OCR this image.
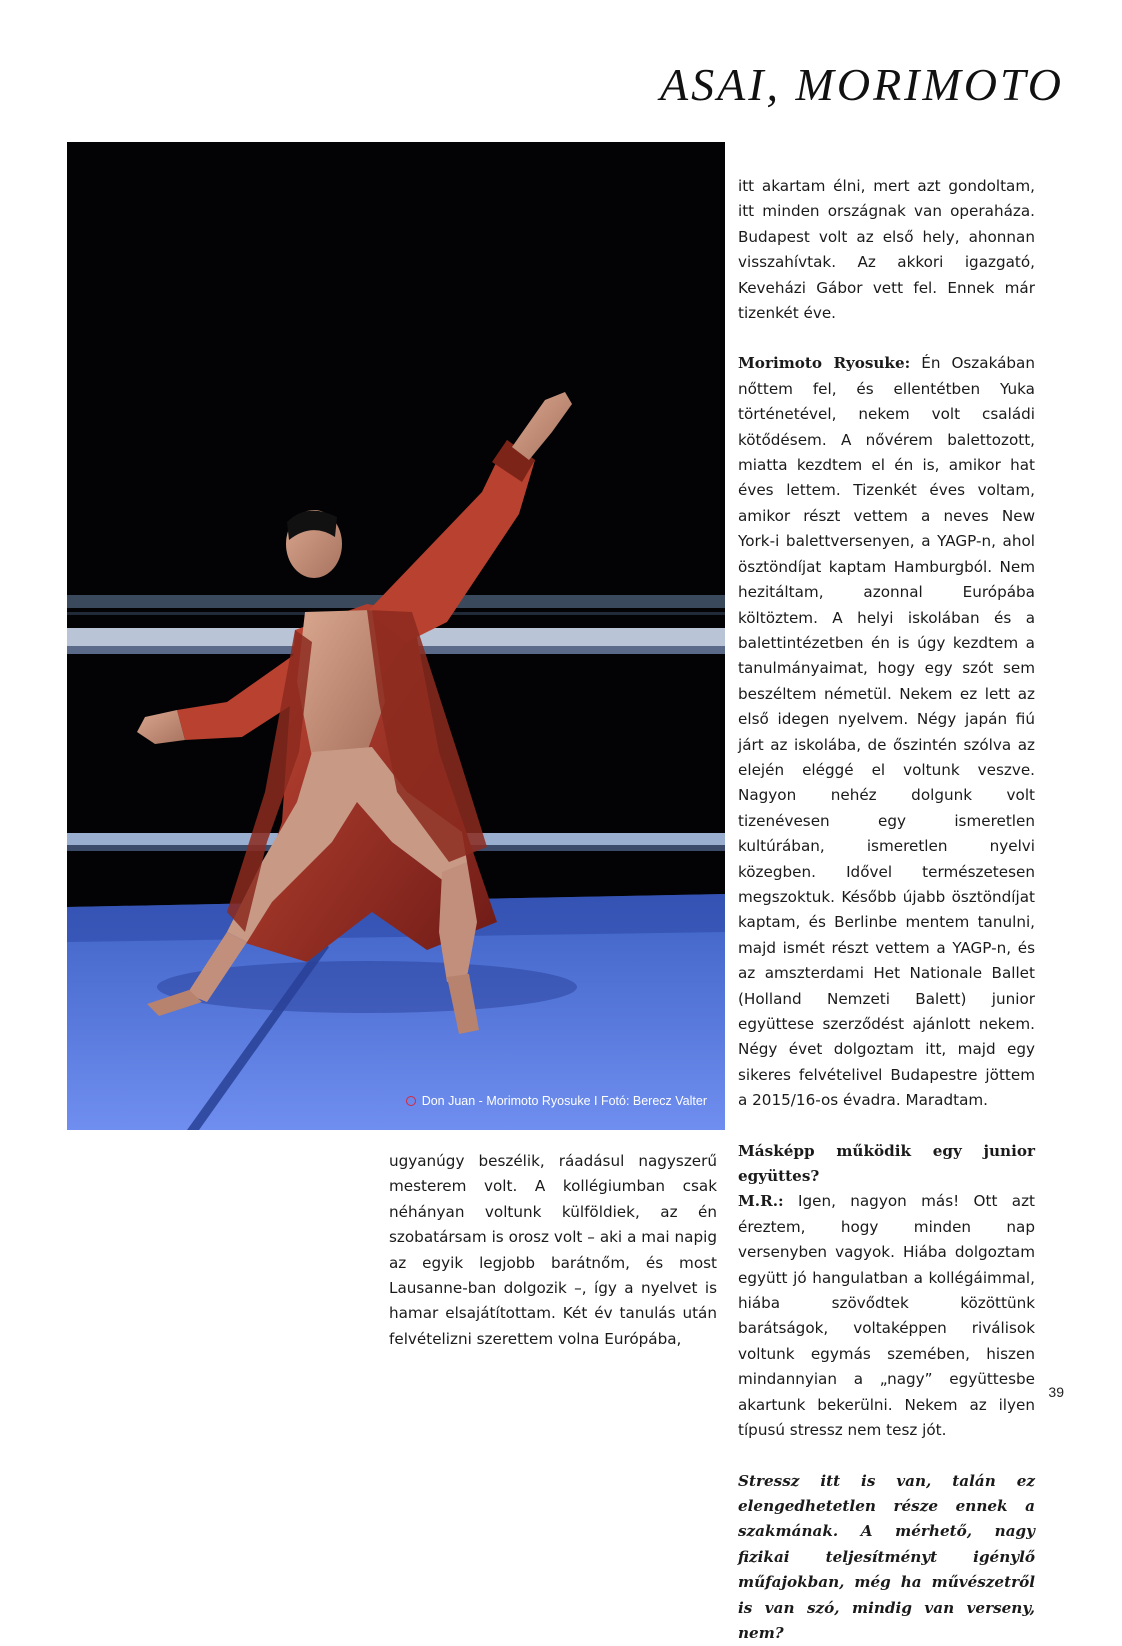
ASAI, MORIMOTO
Don Juan - Morimoto Ryosuke I Fotó: Berecz Valter

itt akartam élni, mert azt gondoltam, itt minden országnak van operaháza. Budapest volt az első hely, ahonnan visszahívtak. Az akkori igazgató, Keveházi Gábor vett fel. Ennek már tizenkét éve.

Morimoto Ryosuke: Én Oszakában nőttem fel, és ellentétben Yuka történetével, nekem volt családi kötődésem. A nővérem balettozott, miatta kezdtem el én is, amikor hat éves lettem. Tizenkét éves voltam, amikor részt vettem a neves New York-i balettversenyen, a YAGP-n, ahol ösztöndíjat kaptam Hamburgból. Nem hezitáltam, azonnal Európába költöztem. A helyi iskolában és a balettintézetben én is úgy kezdtem a tanulmányaimat, hogy egy szót sem beszéltem németül. Nekem ez lett az első idegen nyelvem. Négy japán fiú járt az iskolába, de őszintén szólva az elején eléggé el voltunk veszve. Nagyon nehéz dolgunk volt tizenévesen egy ismeretlen kultúrában, ismeretlen nyelvi közegben. Idővel természetesen megszoktuk. Később újabb ösztöndíjat kaptam, és Berlinbe mentem tanulni, majd ismét részt vettem a YAGP-n, és az amszterdami Het Nationale Ballet (Holland Nemzeti Balett) junior együttese szerződést ajánlott nekem. Négy évet dolgoztam itt, majd egy sikeres felvételivel Budapestre jöttem a 2015/16-os évadra. Maradtam.

Másképp működik egy junior együttes?
M.R.: Igen, nagyon más! Ott azt éreztem, hogy minden nap versenyben vagyok. Hiába dolgoztam együtt jó hangulatban a kollégáimmal, hiába szövődtek közöttünk barátságok, voltaképpen riválisok voltunk egymás szemében, hiszen mindannyian a „nagy” együttesbe akartunk bekerülni. Nekem az ilyen típusú stressz nem tesz jót.

Stressz itt is van, talán ez elengedhetetlen része ennek a szakmának. A mérhető, nagy fizikai teljesítményt igénylő műfajokban, még ha művészetről is van szó, mindig van verseny, nem?

ugyanúgy beszélik, ráadásul nagyszerű mesterem volt. A kollégiumban csak néhányan voltunk külföldiek, az én szobatársam is orosz volt – aki a mai napig az egyik legjobb barátnőm, és most Lausanne-ban dolgozik –, így a nyelvet is hamar elsajátítottam. Két év tanulás után felvételizni szerettem volna Európába,

39
